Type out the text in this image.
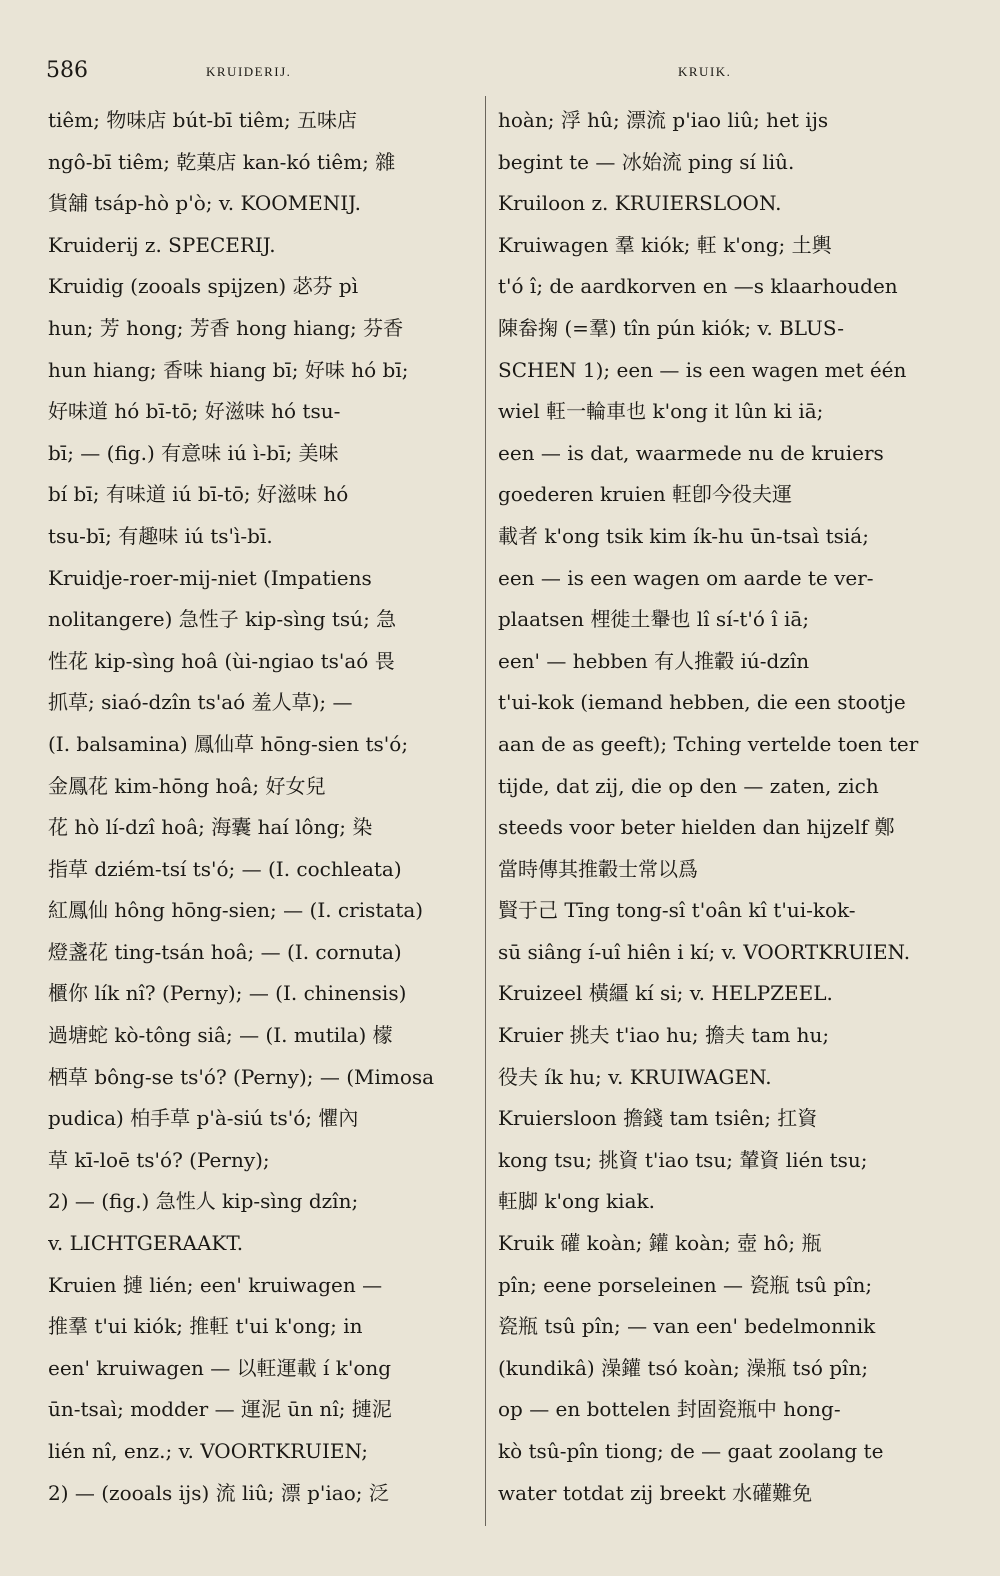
586	KRUIDERIJ.	KRUIK.
tiêm; 物味店 bút-bī tiêm; 五味店
ngô-bī tiêm; 乾菓店 kan-kó tiêm; 雜
貨舖 tsáp-hò p'ò; v. KOOMENIJ.
Kruiderij z. SPECERIJ.
Kruidig (zooals spijzen) 苾芬 pì
hun; 芳 hong; 芳香 hong hiang; 芬香
hun hiang; 香味 hiang bī; 好味 hó bī;
好味道 hó bī-tō; 好滋味 hó tsu-
bī; — (fig.) 有意味 iú ì-bī; 美味
bí bī; 有味道 iú bī-tō; 好滋味 hó
tsu-bī; 有趣味 iú ts'ì-bī.
Kruidje-roer-mij-niet (Impatiens
nolitangere) 急性子 kip-sìng tsú; 急
性花 kip-sìng hoâ (ùi-ngiao ts'aó 畏
抓草; siaó-dzîn ts'aó 羞人草); —
(I. balsamina) 鳳仙草 hōng-sien ts'ó;
金鳳花 kim-hōng hoâ; 好女兒
花 hò lí-dzî hoâ; 海囊 haí lông; 染
指草 dziém-tsí ts'ó; — (I. cochleata)
紅鳳仙 hông hōng-sien; — (I. cristata)
燈盞花 ting-tsán hoâ; — (I. cornuta)
櫃你 lík nî? (Perny); — (I. chinensis)
過塘蛇 kò-tông siâ; — (I. mutila) 檬
栖草 bông-se ts'ó? (Perny); — (Mimosa
pudica) 柏手草 p'à-siú ts'ó; 懼內
草 kī-loē ts'ó? (Perny);
2) — (fig.) 急性人 kip-sìng dzîn;
v. LICHTGERAAKT.
Kruien 摙 lién; een' kruiwagen —
推羣 t'ui kiók; 推軖 t'ui k'ong; in
een' kruiwagen — 以軖運載 í k'ong
ūn-tsaì; modder — 運泥 ūn nî; 摙泥
lién nî, enz.; v. VOORTKRUIEN;
2) — (zooals ijs) 流 liû; 漂 p'iao; 泛
hoàn; 浮 hû; 漂流 p'iao liû; het ijs
begint te — 冰始流 ping sí liû.
Kruiloon z. KRUIERSLOON.
Kruiwagen 羣 kiók; 軖 k'ong; 土輿
t'ó î; de aardkorven en —s klaarhouden
陳畚掬 (=羣) tîn pún kiók; v. BLUS-
SCHEN 1); een — is een wagen met één
wiel 軖一輪車也 k'ong it lûn ki iā;
een — is dat, waarmede nu de kruiers
goederen kruien 軖卽今役夫運
載者 k'ong tsik kim ík-hu ūn-tsaì tsiá;
een — is een wagen om aarde te ver-
plaatsen 梩徙土轝也 lî sí-t'ó î iā;
een' — hebben 有人推轂 iú-dzîn
t'ui-kok (iemand hebben, die een stootje
aan de as geeft); Tching vertelde toen ter
tijde, dat zij, die op den — zaten, zich
steeds voor beter hielden dan hijzelf 鄭
當時傳其推轂士常以爲
賢于己 Tīng tong-sî t'oân kî t'ui-kok-
sū siâng í-uî hiên i kí; v. VOORTKRUIEN.
Kruizeel 橫繮 kí si; v. HELPZEEL.
Kruier 挑夫 t'iao hu; 擔夫 tam hu;
役夫 ík hu; v. KRUIWAGEN.
Kruiersloon 擔錢 tam tsiên; 扛資
kong tsu; 挑資 t'iao tsu; 輦資 lién tsu;
軖脚 k'ong kiak.
Kruik 礶 koàn; 鑵 koàn; 壺 hô; 瓶
pîn; eene porseleinen — 瓷瓶 tsû pîn;
瓷瓶 tsû pîn; — van een' bedelmonnik
(kundikâ) 澡鑵 tsó koàn; 澡瓶 tsó pîn;
op — en bottelen 封固瓷瓶中 hong-
kò tsû-pîn tiong; de — gaat zoolang te
water totdat zij breekt 水礶難免
